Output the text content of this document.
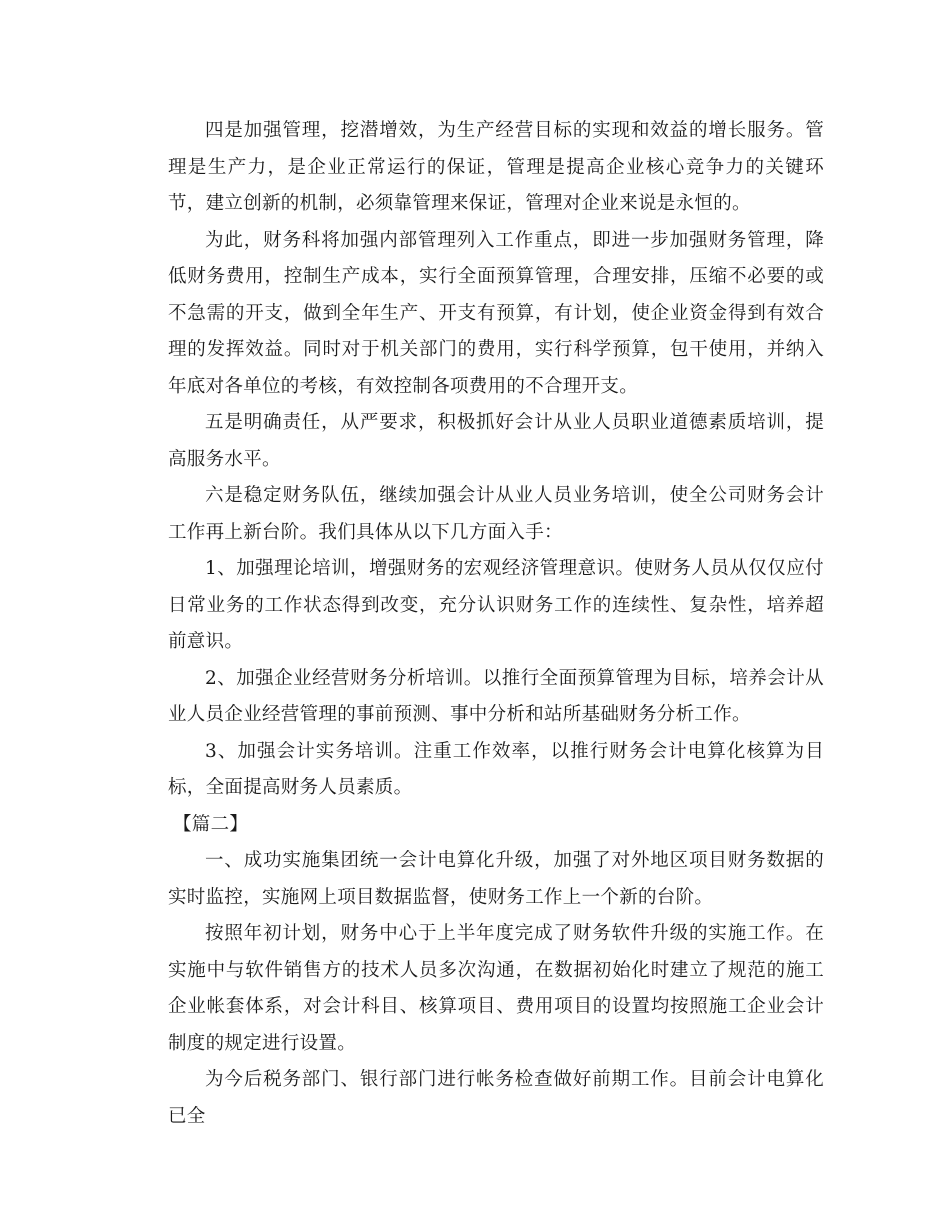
四是加强管理，挖潜增效，为生产经营目标的实现和效益的增长服务。管理是生产力，是企业正常运行的保证，管理是提高企业核心竞争力的关键环节，建立创新的机制，必须靠管理来保证，管理对企业来说是永恒的。

为此，财务科将加强内部管理列入工作重点，即进一步加强财务管理，降低财务费用，控制生产成本，实行全面预算管理，合理安排，压缩不必要的或不急需的开支，做到全年生产、开支有预算，有计划，使企业资金得到有效合理的发挥效益。同时对于机关部门的费用，实行科学预算，包干使用，并纳入年底对各单位的考核，有效控制各项费用的不合理开支。

五是明确责任，从严要求，积极抓好会计从业人员职业道德素质培训，提高服务水平。

六是稳定财务队伍，继续加强会计从业人员业务培训，使全公司财务会计工作再上新台阶。我们具体从以下几方面入手：

1、加强理论培训，增强财务的宏观经济管理意识。使财务人员从仅仅应付日常业务的工作状态得到改变，充分认识财务工作的连续性、复杂性，培养超前意识。

2、加强企业经营财务分析培训。以推行全面预算管理为目标，培养会计从业人员企业经营管理的事前预测、事中分析和站所基础财务分析工作。

3、加强会计实务培训。注重工作效率，以推行财务会计电算化核算为目标，全面提高财务人员素质。

【篇二】

一、成功实施集团统一会计电算化升级，加强了对外地区项目财务数据的实时监控，实施网上项目数据监督，使财务工作上一个新的台阶。

按照年初计划，财务中心于上半年度完成了财务软件升级的实施工作。在实施中与软件销售方的技术人员多次沟通，在数据初始化时建立了规范的施工企业帐套体系，对会计科目、核算项目、费用项目的设置均按照施工企业会计制度的规定进行设置。

为今后税务部门、银行部门进行帐务检查做好前期工作。目前会计电算化已全
